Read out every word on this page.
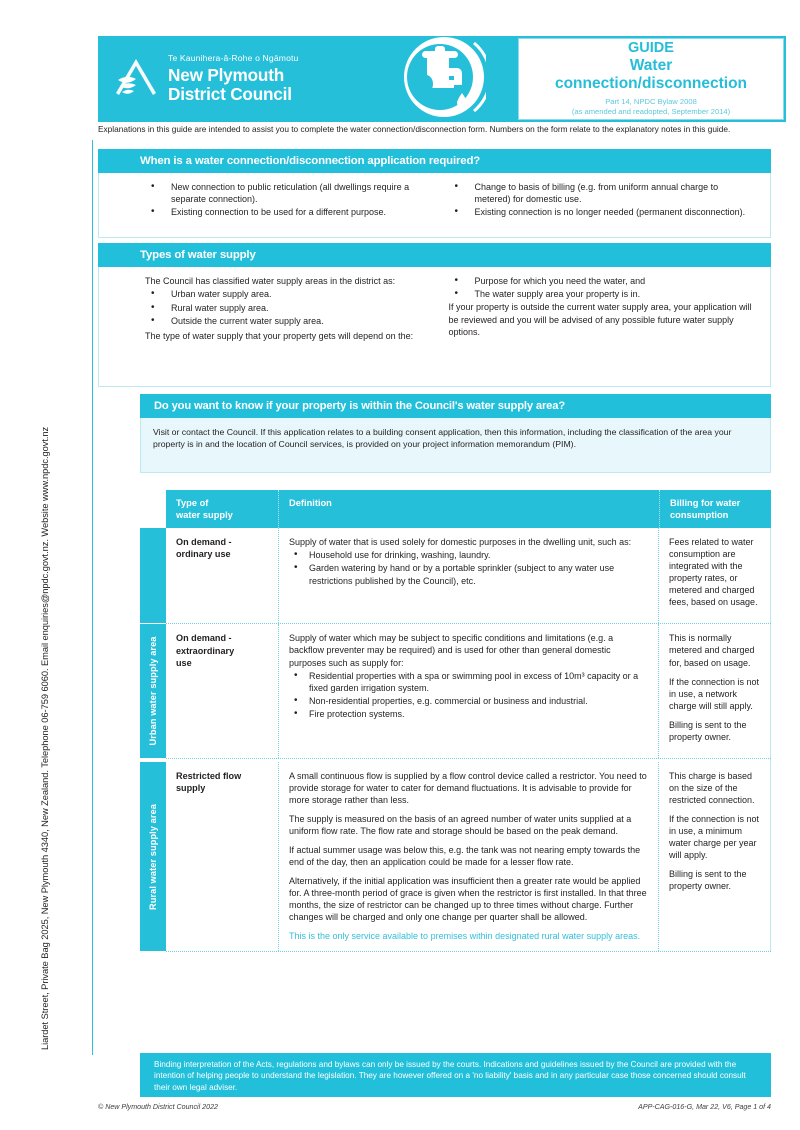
Liardet Street, Private Bag 2025, New Plymouth 4340, New Zealand. Telephone 06-759 6060. Email enquiries@npdc.govt.nz. Website www.npdc.govt.nz
Te Kaunihera-â-Rohe o Ngāmotu
New Plymouth
District Council
GUIDE
Water
connection/disconnection
Part 14, NPDC Bylaw 2008
(as amended and readopted, September 2014)
Explanations in this guide are intended to assist you to complete the water connection/disconnection form. Numbers on the form relate to the explanatory notes in this guide.
When is a water connection/disconnection application required?
• New connection to public reticulation (all dwellings require a separate connection).
• Existing connection to be used for a different purpose.
• Change to basis of billing (e.g. from uniform annual charge to metered) for domestic use.
• Existing connection is no longer needed (permanent disconnection).
Types of water supply

The Council has classified water supply areas in the district as:

• Urban water supply area.
• Rural water supply area.
• Outside the current water supply area.

The type of water supply that your property gets will depend on the:

• Purpose for which you need the water, and
• The water supply area your property is in.

If your property is outside the current water supply area, your application will be reviewed and you will be advised of any possible future water supply options.

Do you want to know if your property is within the Council's water supply area?
Visit or contact the Council. If this application relates to a building consent application, then this information, including the classification of the area your property is in and the location of Council services, is provided on your project information memorandum (PIM).
Type of
water supply
Definition	Billing for water
consumption
On demand -
ordinary use

Supply of water that is used solely for domestic purposes in the dwelling unit, such as:

• Household use for drinking, washing, laundry.
• Garden watering by hand or by a portable sprinkler (subject to any water use restrictions published by the Council), etc.

Fees related to water consumption are integrated with the property rates, or metered and charged fees, based on usage.

Urban water supply area On demand -
extraordinary
use

Supply of water which may be subject to specific conditions and limitations (e.g. a backflow preventer may be required) and is used for other than general domestic purposes such as supply for:

• Residential properties with a spa or swimming pool in excess of 10m³ capacity or a fixed garden irrigation system.
• Non-residential properties, e.g. commercial or business and industrial.
• Fire protection systems.

This is normally metered and charged for, based on usage.

If the connection is not in use, a network charge will still apply.

Billing is sent to the property owner.

Rural water supply area
Restricted flow
supply

A small continuous flow is supplied by a flow control device called a restrictor. You need to provide storage for water to cater for demand fluctuations. It is advisable to provide for more storage rather than less.

The supply is measured on the basis of an agreed number of water units supplied at a uniform flow rate. The flow rate and storage should be based on the peak demand.

If actual summer usage was below this, e.g. the tank was not nearing empty towards the end of the day, then an application could be made for a lesser flow rate.

Alternatively, if the initial application was insufficient then a greater rate would be applied for. A three-month period of grace is given when the restrictor is first installed. In that three months, the size of restrictor can be changed up to three times without charge. Further changes will be charged and only one change per quarter shall be allowed.

This is the only service available to premises within designated rural water supply areas.

This charge is based on the size of the restricted connection.

If the connection is not in use, a minimum water charge per year will apply.

Billing is sent to the property owner.

Binding interpretation of the Acts, regulations and bylaws can only be issued by the courts. Indications and guidelines issued by the Council are provided with the intention of helping people to understand the legislation. They are however offered on a 'no liability' basis and in any particular case those concerned should consult their own legal adviser.
© New Plymouth District Council 2022	APP-CAG-016-G, Mar 22, V6, Page 1 of 4
